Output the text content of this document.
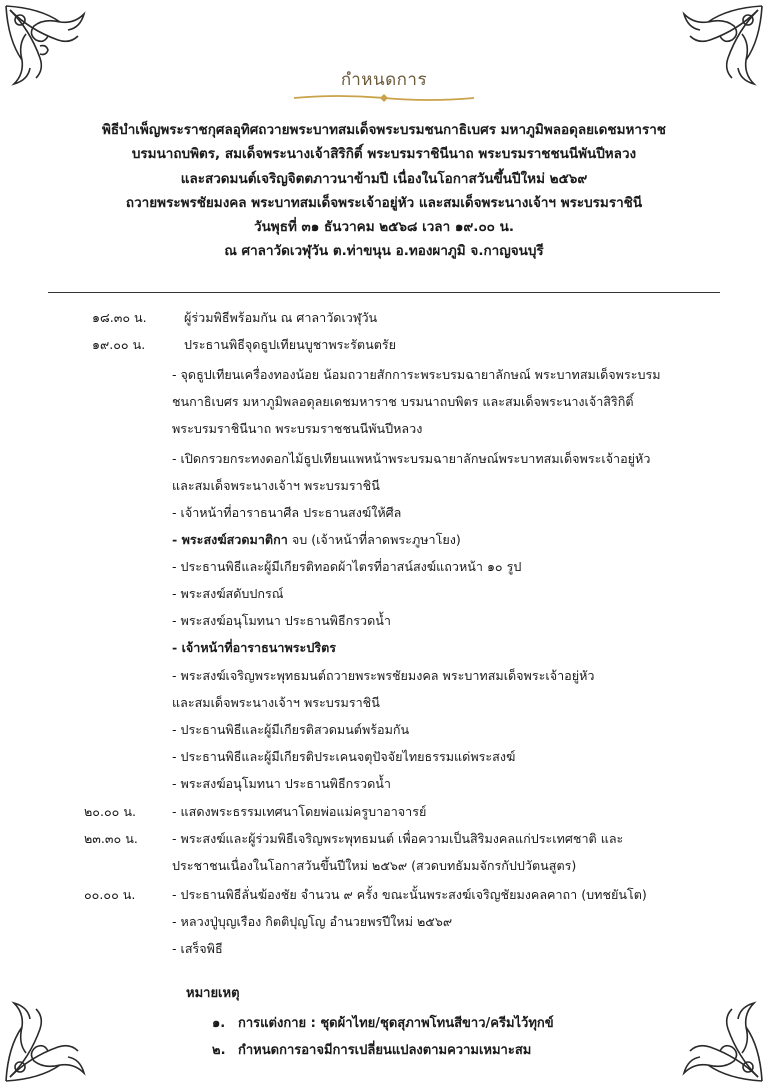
กำหนดการ
พิธีบำเพ็ญพระราชกุศลอุทิศถวายพระบาทสมเด็จพระบรมชนกาธิเบศร มหาภูมิพลอดุลยเดชมหาราช
บรมนาถบพิตร, สมเด็จพระนางเจ้าสิริกิติ์ พระบรมราชินีนาถ พระบรมราชชนนีพันปีหลวง
และสวดมนต์เจริญจิตตภาวนาข้ามปี เนื่องในโอกาสวันขึ้นปีใหม่ ๒๕๖๙
ถวายพระพรชัยมงคล พระบาทสมเด็จพระเจ้าอยู่หัว และสมเด็จพระนางเจ้าฯ พระบรมราชินี
วันพุธที่ ๓๑ ธันวาคม ๒๕๖๘ เวลา ๑๙.๐๐ น.
ณ ศาลาวัดเวฬุวัน ต.ท่าขนุน อ.ทองผาภูมิ จ.กาญจนบุรี
๑๘.๓๐ น.	ผู้ร่วมพิธีพร้อมกัน ณ ศาลาวัดเวฬุวัน
๑๙.๐๐ น.	ประธานพิธีจุดธูปเทียนบูชาพระรัตนตรัย
- จุดธูปเทียนเครื่องทองน้อย น้อมถวายสักการะพระบรมฉายาลักษณ์ พระบาทสมเด็จพระบรม
ชนกาธิเบศร มหาภูมิพลอดุลยเดชมหาราช บรมนาถบพิตร และสมเด็จพระนางเจ้าสิริกิติ์
พระบรมราชินีนาถ พระบรมราชชนนีพันปีหลวง
- เปิดกรวยกระทงดอกไม้ธูปเทียนแพหน้าพระบรมฉายาลักษณ์พระบาทสมเด็จพระเจ้าอยู่หัว
และสมเด็จพระนางเจ้าฯ พระบรมราชินี
- เจ้าหน้าที่อาราธนาศีล ประธานสงฆ์ให้ศีล
- พระสงฆ์สวดมาติกา จบ (เจ้าหน้าที่ลาดพระภูษาโยง)
- ประธานพิธีและผู้มีเกียรติทอดผ้าไตรที่อาสน์สงฆ์แถวหน้า ๑๐ รูป
- พระสงฆ์สดับปกรณ์
- พระสงฆ์อนุโมทนา ประธานพิธีกรวดน้ำ
- เจ้าหน้าที่อาราธนาพระปริตร
- พระสงฆ์เจริญพระพุทธมนต์ถวายพระพรชัยมงคล พระบาทสมเด็จพระเจ้าอยู่หัว
และสมเด็จพระนางเจ้าฯ พระบรมราชินี
- ประธานพิธีและผู้มีเกียรติสวดมนต์พร้อมกัน
- ประธานพิธีและผู้มีเกียรติประเคนจตุปัจจัยไทยธรรมแด่พระสงฆ์
- พระสงฆ์อนุโมทนา ประธานพิธีกรวดน้ำ
๒๐.๐๐ น.	- แสดงพระธรรมเทศนาโดยพ่อแม่ครูบาอาจารย์
๒๓.๓๐ น.	- พระสงฆ์และผู้ร่วมพิธีเจริญพระพุทธมนต์ เพื่อความเป็นสิริมงคลแก่ประเทศชาติ และ
ประชาชนเนื่องในโอกาสวันขึ้นปีใหม่ ๒๕๖๙ (สวดบทธัมมจักรกัปปวัตนสูตร)
๐๐.๐๐ น.	- ประธานพิธีลั่นฆ้องชัย จำนวน ๙ ครั้ง ขณะนั้นพระสงฆ์เจริญชัยมงคลคาถา (บทชยันโต)
- หลวงปู่บุญเรือง กิตติปุญโญ อำนวยพรปีใหม่ ๒๕๖๙
- เสร็จพิธี
หมายเหตุ
๑. การแต่งกาย : ชุดผ้าไทย/ชุดสุภาพโทนสีขาว/ครีมไว้ทุกข์
๒. กำหนดการอาจมีการเปลี่ยนแปลงตามความเหมาะสม
